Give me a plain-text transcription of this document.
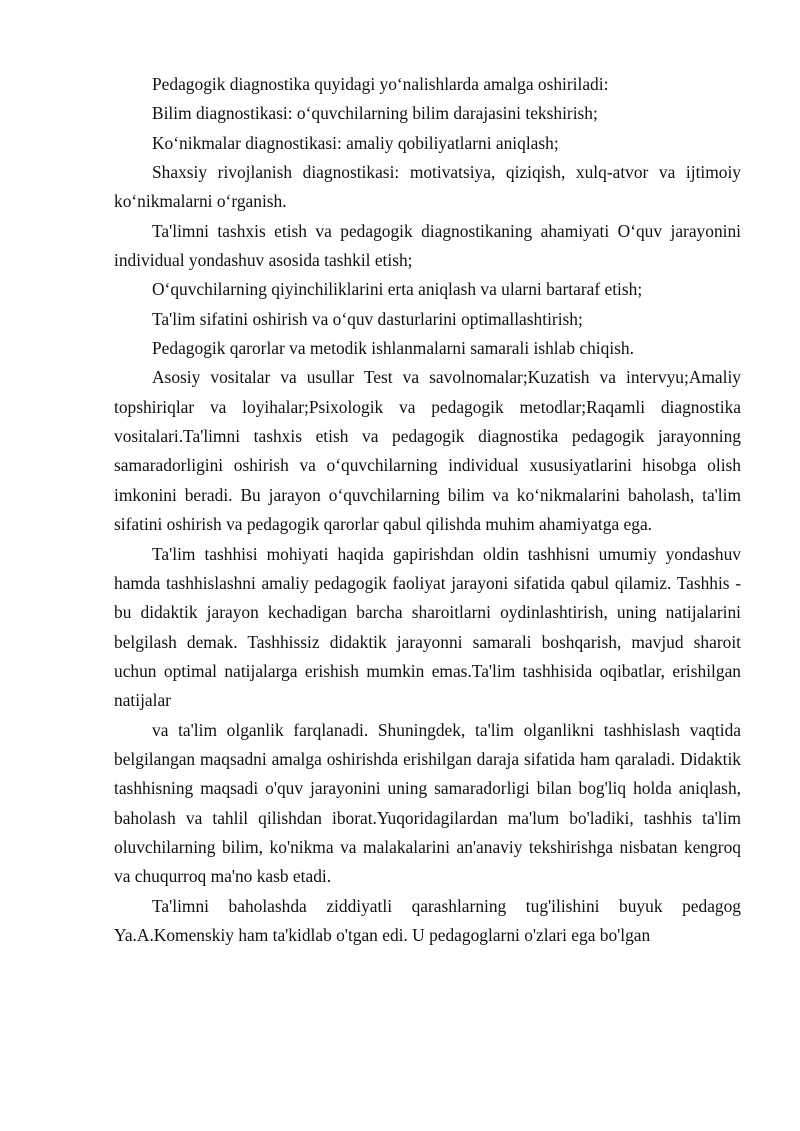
Pedagogik diagnostika quyidagi yo‘nalishlarda amalga oshiriladi:

Bilim diagnostikasi: o‘quvchilarning bilim darajasini tekshirish;

Ko‘nikmalar diagnostikasi: amaliy qobiliyatlarni aniqlash;

Shaxsiy rivojlanish diagnostikasi: motivatsiya, qiziqish, xulq-atvor va ijtimoiy ko‘nikmalarni o‘rganish.

Ta'limni tashxis etish va pedagogik diagnostikaning ahamiyati O‘quv jarayonini individual yondashuv asosida tashkil etish;

O‘quvchilarning qiyinchiliklarini erta aniqlash va ularni bartaraf etish;

Ta'lim sifatini oshirish va o‘quv dasturlarini optimallashtirish;

Pedagogik qarorlar va metodik ishlanmalarni samarali ishlab chiqish.

Asosiy vositalar va usullar Test va savolnomalar;Kuzatish va intervyu;Amaliy topshiriqlar va loyihalar;Psixologik va pedagogik metodlar;Raqamli diagnostika vositalari.Ta'limni tashxis etish va pedagogik diagnostika pedagogik jarayonning samaradorligini oshirish va o‘quvchilarning individual xususiyatlarini hisobga olish imkonini beradi. Bu jarayon o‘quvchilarning bilim va ko‘nikmalarini baholash, ta'lim sifatini oshirish va pedagogik qarorlar qabul qilishda muhim ahamiyatga ega.

Ta'lim tashhisi mohiyati haqida gapirishdan oldin tashhisni umumiy yondashuv hamda tashhislashni amaliy pedagogik faoliyat jarayoni sifatida qabul qilamiz. Tashhis - bu didaktik jarayon kechadigan barcha sharoitlarni oydinlashtirish, uning natijalarini belgilash demak. Tashhissiz didaktik jarayonni samarali boshqarish, mavjud sharoit uchun optimal natijalarga erishish mumkin emas.Ta'lim tashhisida oqibatlar, erishilgan natijalar

va ta'lim olganlik farqlanadi. Shuningdek, ta'lim olganlikni tashhislash vaqtida belgilangan maqsadni amalga oshirishda erishilgan daraja sifatida ham qaraladi. Didaktik tashhisning maqsadi o'quv jarayonini uning samaradorligi bilan bog'liq holda aniqlash, baholash va tahlil qilishdan iborat.Yuqoridagilardan ma'lum bo'ladiki, tashhis ta'lim oluvchilarning bilim, ko'nikma va malakalarini an'anaviy tekshirishga nisbatan kengroq va chuqurroq ma'no kasb etadi.

Ta'limni baholashda ziddiyatli qarashlarning tug'ilishini buyuk pedagog Ya.A.Komenskiy ham ta'kidlab o'tgan edi. U pedagoglarni o'zlari ega bo'lgan
